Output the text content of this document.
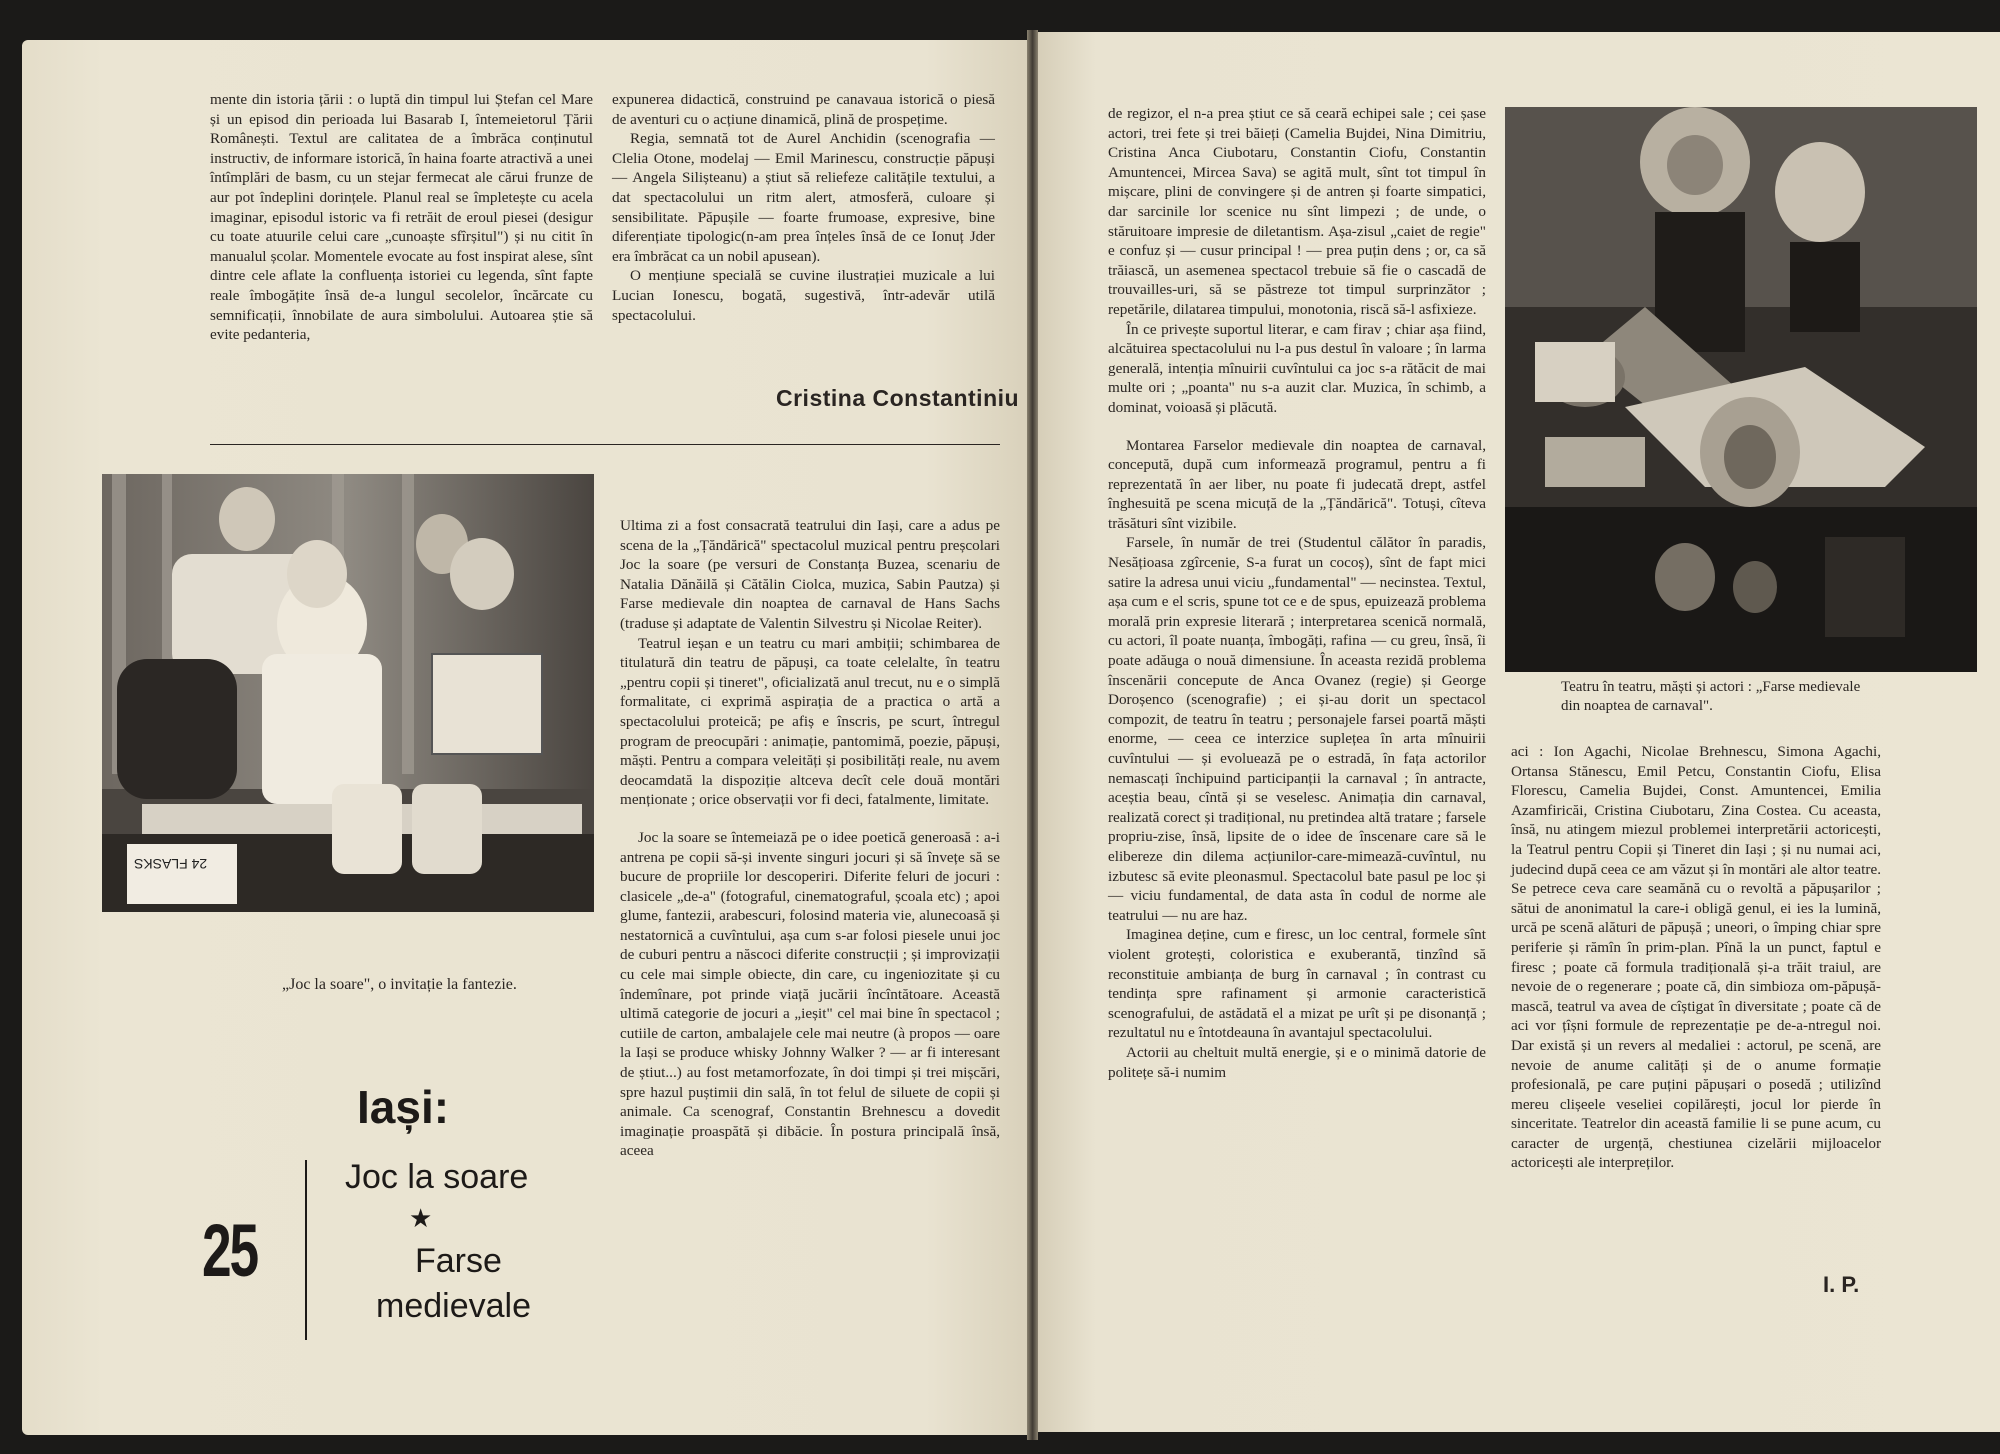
mente din istoria țării : o luptă din timpul lui Ștefan cel Mare și un episod din perioada lui Basarab I, întemeietorul Țării Românești. Textul are calitatea de a îmbrăca conținutul instructiv, de informare istorică, în haina foarte atractivă a unei întîmplări de basm, cu un stejar fermecat ale cărui frunze de aur pot îndeplini dorințele. Planul real se împletește cu acela imaginar, episodul istoric va fi retrăit de eroul piesei (desigur cu toate atuurile celui care „cunoaște sfîrșitul") și nu citit în manualul școlar. Momentele evocate au fost inspirat alese, sînt dintre cele aflate la confluența istoriei cu legenda, sînt fapte reale îmbogățite însă de-a lungul secolelor, încărcate cu semnificații, înnobilate de aura simbolului. Autoarea știe să evite pedanteria,

expunerea didactică, construind pe canavaua istorică o piesă de aventuri cu o acțiune dinamică, plină de prospețime.

Regia, semnată tot de Aurel Anchidin (scenografia — Clelia Otone, modelaj — Emil Marinescu, construcție păpuși — Angela Silișteanu) a știut să reliefeze calitățile textului, a dat spectacolului un ritm alert, atmosferă, culoare și sensibilitate. Păpușile — foarte frumoase, expresive, bine diferențiate tipologic(n-am prea înțeles însă de ce Ionuț Jder era îmbrăcat ca un nobil apusean).

O mențiune specială se cuvine ilustrației muzicale a lui Lucian Ionescu, bogată, sugestivă, într-adevăr utilă spectacolului.

Cristina Constantiniu
24 FLASKS
„Joc la soare", o invitație la fantezie.
Iași:
25
Joc la soare
★
Farse
medievale

Ultima zi a fost consacrată teatrului din Iași, care a adus pe scena de la „Țăndărică" spectacolul muzical pentru preșcolari Joc la soare (pe versuri de Constanța Buzea, scenariu de Natalia Dănăilă și Cătălin Ciolca, muzica, Sabin Pautza) și Farse medievale din noaptea de carnaval de Hans Sachs (traduse și adaptate de Valentin Silvestru și Nicolae Reiter).

Teatrul ieșan e un teatru cu mari ambiții; schimbarea de titulatură din teatru de păpuși, ca toate celelalte, în teatru „pentru copii și tineret", oficializată anul trecut, nu e o simplă formalitate, ci exprimă aspirația de a practica o artă a spectacolului proteică; pe afiș e înscris, pe scurt, întregul program de preocupări : animație, pantomimă, poezie, păpuși, măști. Pentru a compara veleități și posibilități reale, nu avem deocamdată la dispoziție altceva decît cele două montări menționate ; orice observații vor fi deci, fatalmente, limitate.

Joc la soare se întemeiază pe o idee poetică generoasă : a-i antrena pe copii să-și invente singuri jocuri și să învețe să se bucure de propriile lor descoperiri. Diferite feluri de jocuri : clasicele „de-a" (fotograful, cinematograful, școala etc) ; apoi glume, fantezii, arabescuri, folosind materia vie, alunecoasă și nestatornică a cuvîntului, așa cum s-ar folosi piesele unui joc de cuburi pentru a născoci diferite construcții ; și improvizații cu cele mai simple obiecte, din care, cu ingeniozitate și cu îndemînare, pot prinde viață jucării încîntătoare. Această ultimă categorie de jocuri a „ieșit" cel mai bine în spectacol ; cutiile de carton, ambalajele cele mai neutre (à propos — oare la Iași se produce whisky Johnny Walker ? — ar fi interesant de știut...) au fost metamorfozate, în doi timpi și trei mișcări, spre hazul puștimii din sală, în tot felul de siluete de copii și animale. Ca scenograf, Constantin Brehnescu a dovedit imaginație proaspătă și dibăcie. În postura principală însă, aceea

de regizor, el n-a prea știut ce să ceară echipei sale ; cei șase actori, trei fete și trei băieți (Camelia Bujdei, Nina Dimitriu, Cristina Anca Ciubotaru, Constantin Ciofu, Constantin Amuntencei, Mircea Sava) se agită mult, sînt tot timpul în mișcare, plini de convingere și de antren și foarte simpatici, dar sarcinile lor scenice nu sînt limpezi ; de unde, o stăruitoare impresie de diletantism. Așa-zisul „caiet de regie" e confuz și — cusur principal ! — prea puțin dens ; or, ca să trăiască, un asemenea spectacol trebuie să fie o cascadă de trouvailles-uri, să se păstreze tot timpul surprinzător ; repetările, dilatarea timpului, monotonia, riscă să-l asfixieze.

În ce privește suportul literar, e cam firav ; chiar așa fiind, alcătuirea spectacolului nu l-a pus destul în valoare ; în larma generală, intenția mînuirii cuvîntului ca joc s-a rătăcit de mai multe ori ; „poanta" nu s-a auzit clar. Muzica, în schimb, a dominat, voioasă și plăcută.

Montarea Farselor medievale din noaptea de carnaval, concepută, după cum informează programul, pentru a fi reprezentată în aer liber, nu poate fi judecată drept, astfel înghesuită pe scena micuță de la „Țăndărică". Totuși, cîteva trăsături sînt vizibile.

Farsele, în număr de trei (Studentul călător în paradis, Nesățioasa zgîrcenie, S-a furat un cocoș), sînt de fapt mici satire la adresa unui viciu „fundamental" — necinstea. Textul, așa cum e el scris, spune tot ce e de spus, epuizează problema morală prin expresie literară ; interpretarea scenică normală, cu actori, îl poate nuanța, îmbogăți, rafina — cu greu, însă, îi poate adăuga o nouă dimensiune. În aceasta rezidă problema înscenării concepute de Anca Ovanez (regie) și George Doroșenco (scenografie) ; ei și-au dorit un spectacol compozit, de teatru în teatru ; personajele farsei poartă măști enorme, — ceea ce interzice suplețea în arta mînuirii cuvîntului — și evoluează pe o estradă, în fața actorilor nemascați închipuind participanții la carnaval ; în antracte, aceștia beau, cîntă și se veselesc. Animația din carnaval, realizată corect și tradițional, nu pretindea altă tratare ; farsele propriu-zise, însă, lipsite de o idee de înscenare care să le elibereze din dilema acțiunilor-care-mimează-cuvîntul, nu izbutesc să evite pleonasmul. Spectacolul bate pasul pe loc și — viciu fundamental, de data asta în codul de norme ale teatrului — nu are haz.

Imaginea deține, cum e firesc, un loc central, formele sînt violent grotești, coloristica e exuberantă, tinzînd să reconstituie ambianța de burg în carnaval ; în contrast cu tendința spre rafinament și armonie caracteristică scenografului, de astădată el a mizat pe urît și pe disonanță ; rezultatul nu e întotdeauna în avantajul spectacolului.

Actorii au cheltuit multă energie, și e o minimă datorie de politețe să-i numim

Teatru în teatru, măști și actori : „Farse medievale din noaptea de carnaval".

aci : Ion Agachi, Nicolae Brehnescu, Simona Agachi, Ortansa Stănescu, Emil Petcu, Constantin Ciofu, Elisa Florescu, Camelia Bujdei, Const. Amuntencei, Emilia Azamfiricăi, Cristina Ciubotaru, Zina Costea. Cu aceasta, însă, nu atingem miezul problemei interpretării actoricești, la Teatrul pentru Copii și Tineret din Iași ; și nu numai aci, judecind după ceea ce am văzut și în montări ale altor teatre. Se petrece ceva care seamănă cu o revoltă a păpușarilor ; sătui de anonimatul la care-i obligă genul, ei ies la lumină, urcă pe scenă alături de păpușă ; uneori, o împing chiar spre periferie și rămîn în prim-plan. Pînă la un punct, faptul e firesc ; poate că formula tradițională și-a trăit traiul, are nevoie de o regenerare ; poate că, din simbioza om-păpușă-mască, teatrul va avea de cîștigat în diversitate ; poate că de aci vor țîșni formule de reprezentație pe de-a-ntregul noi. Dar există și un revers al medaliei : actorul, pe scenă, are nevoie de anume calități și de o anume formație profesională, pe care puțini păpușari o posedă ; utilizînd mereu clișeele veseliei copilărești, jocul lor pierde în sinceritate. Teatrelor din această familie li se pune acum, cu caracter de urgență, chestiunea cizelării mijloacelor actoricești ale interpreților.

I. P.
